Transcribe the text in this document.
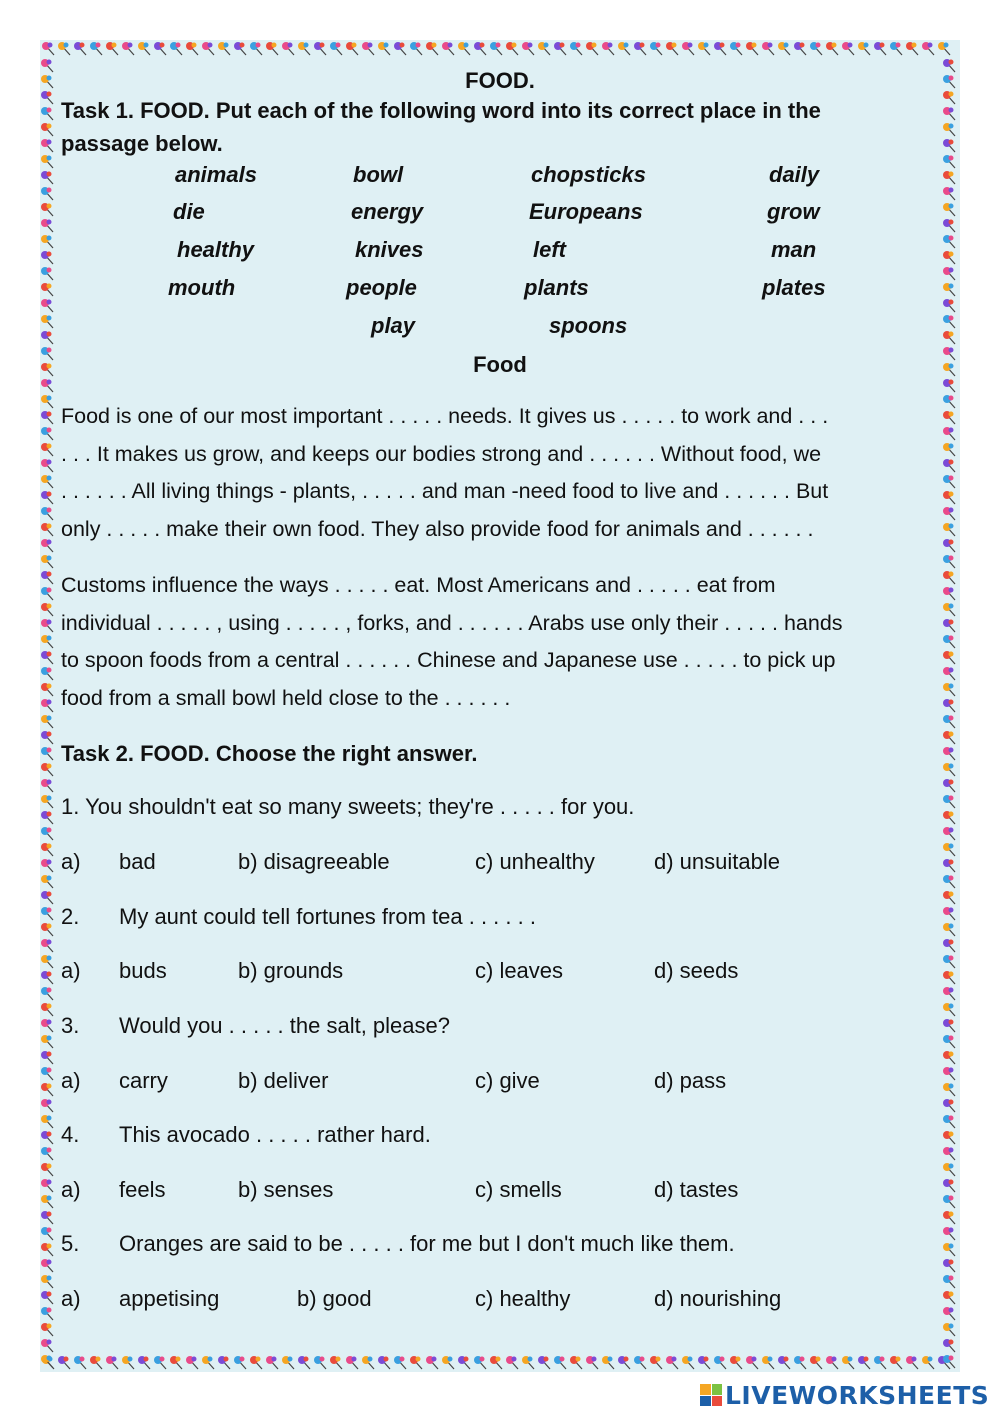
FOOD.
Task 1. FOOD. Put each of the following word into its correct place in the
passage below.
animals	bowl	chopsticks	daily
die	energy	Europeans	grow
healthy	knives	left	man
mouth	people	plants	plates
play	spoons
Food
Food is one of our most important . . . . . needs. It gives us . . . . . to work and . . .
. . . It makes us grow, and keeps our bodies strong and . . . . . . Without food, we
. . . . . . All living things - plants, . . . . . and man -need food to live and . . . . . . But
only . . . . . make their own food. They also provide food for animals and . . . . . .
Customs influence the ways . . . . . eat. Most Americans and . . . . . eat from
individual . . . . . , using . . . . . , forks, and . . . . . . Arabs use only their . . . . . hands
to spoon foods from a central . . . . . . Chinese and Japanese use . . . . . to pick up
food from a small bowl held close to the . . . . . .
Task 2. FOOD. Choose the right answer.
1. You shouldn't eat so many sweets; they're . . . . . for you.
a) bad	b) disagreeable	c) unhealthy	d) unsuitable
2. My aunt could tell fortunes from tea . . . . . .
a) buds	b) grounds	c) leaves	d) seeds
3. Would you . . . . . the salt, please?
a) carry	b) deliver	c) give	d) pass
4. This avocado . . . . . rather hard.
a) feels	b) senses	c) smells	d) tastes
5. Oranges are said to be . . . . . for me but I don't much like them.
a) appetising	b) good	c) healthy	d) nourishing
LIVEWORKSHEETS
